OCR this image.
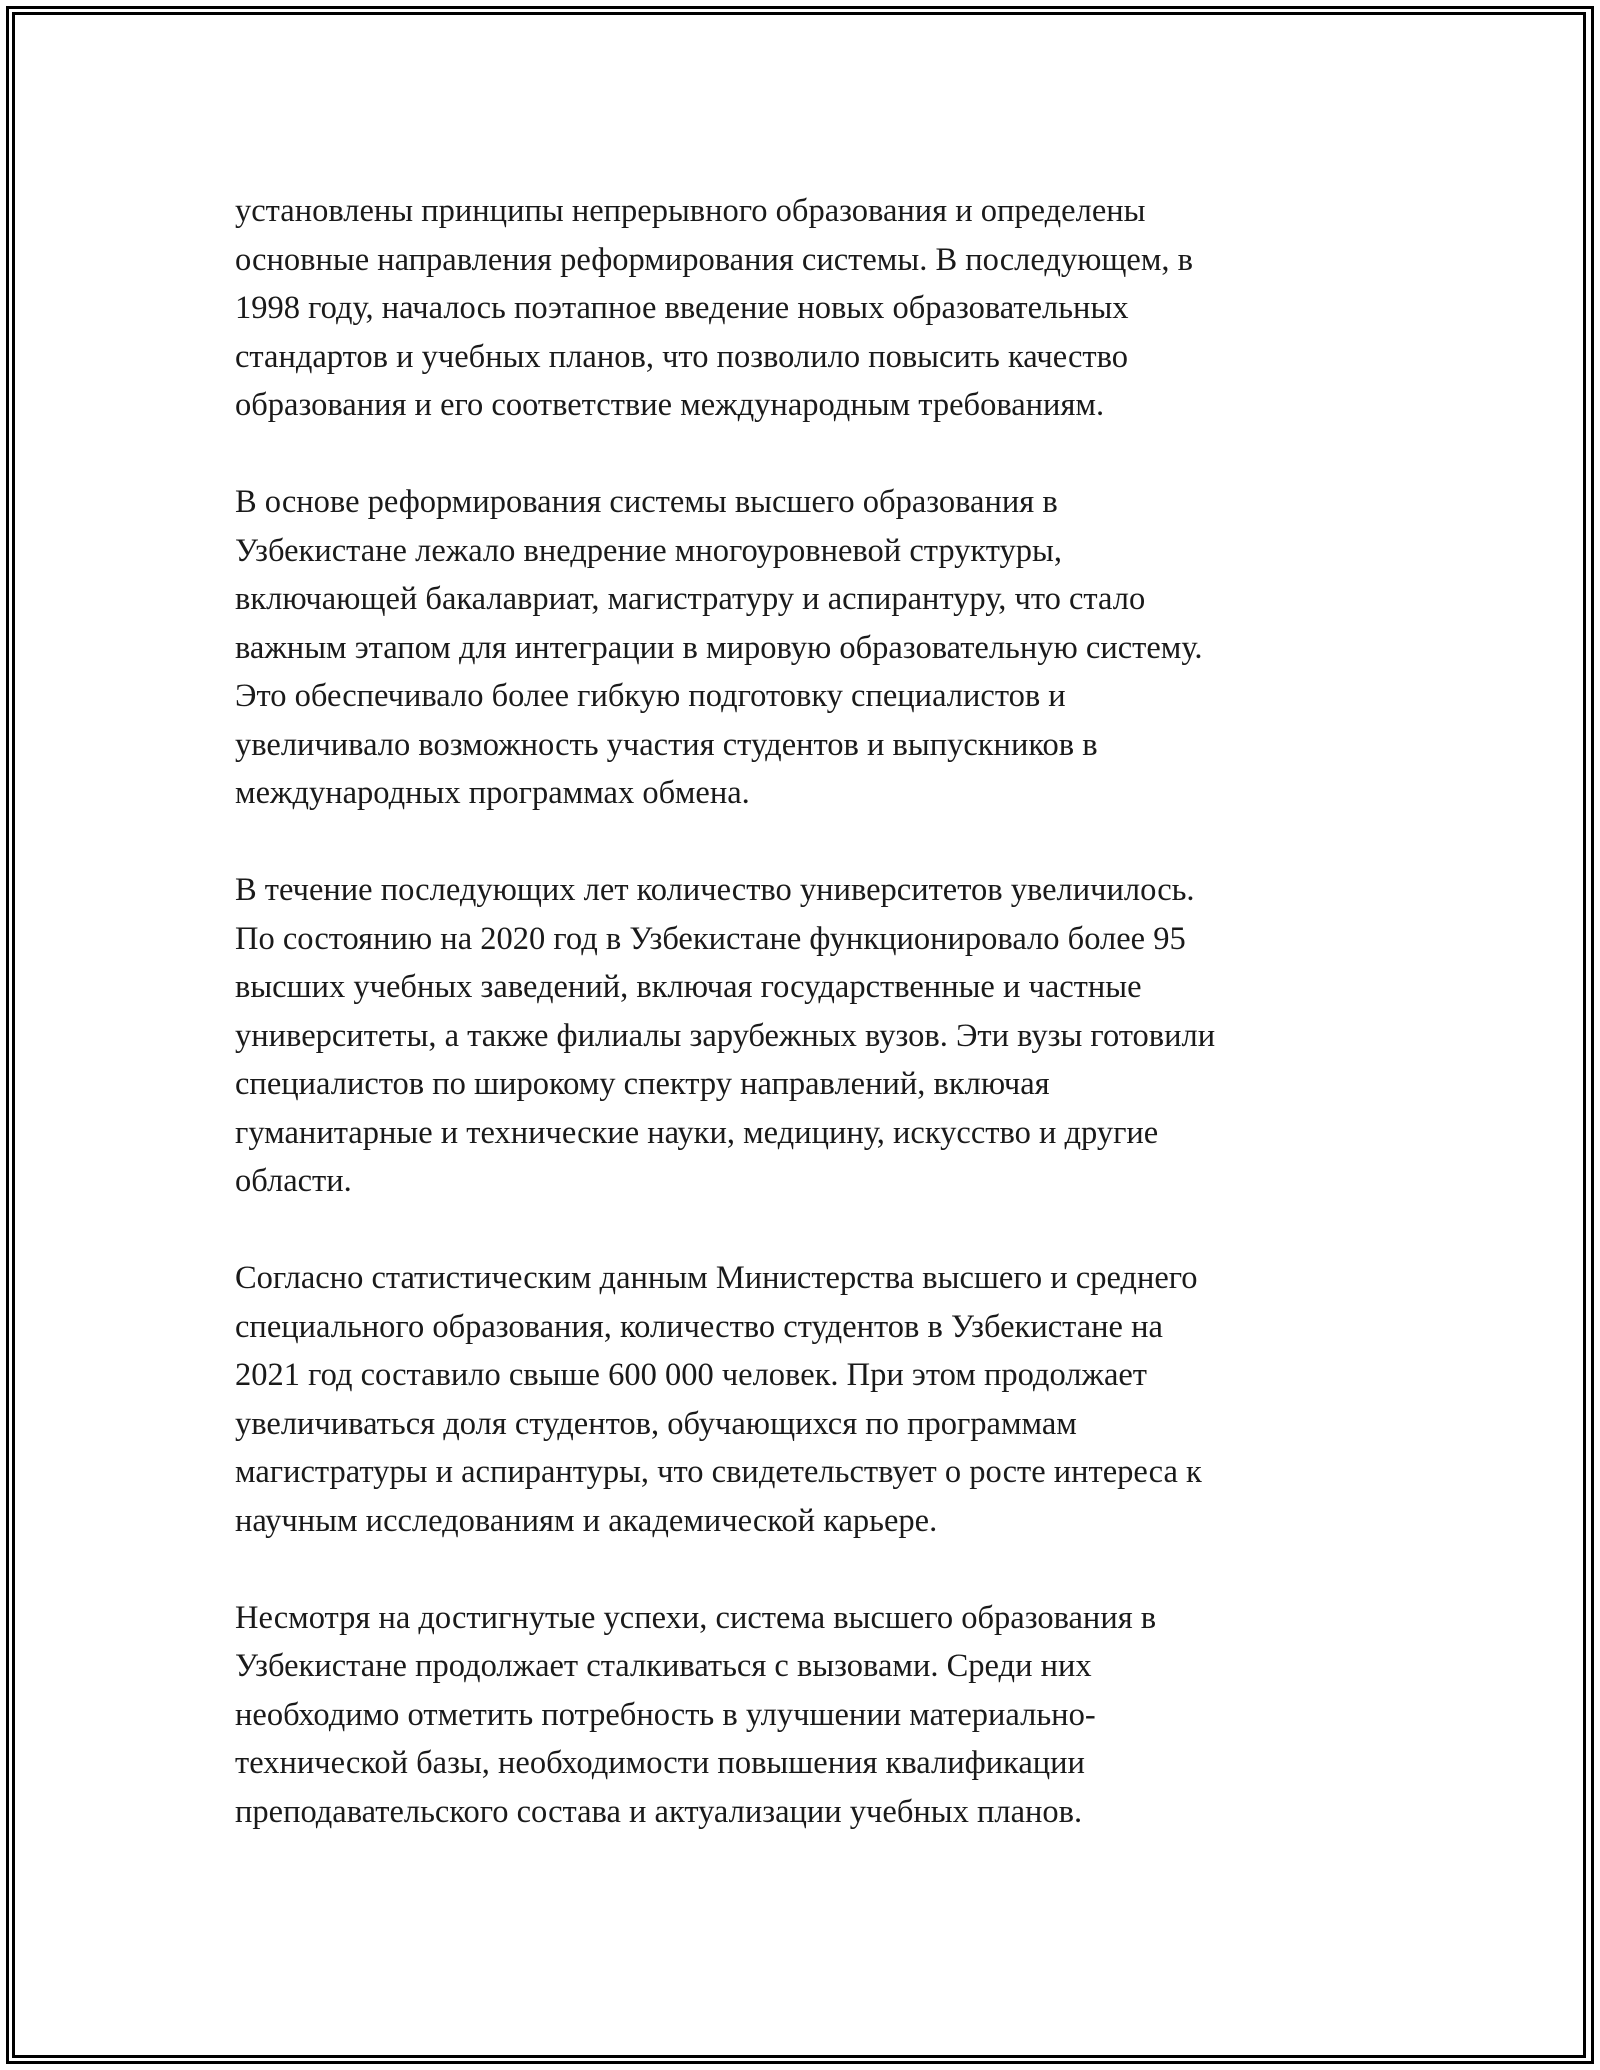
установлены принципы непрерывного образования и определены
основные направления реформирования системы. В последующем, в
1998 году, началось поэтапное введение новых образовательных
стандартов и учебных планов, что позволило повысить качество
образования и его соответствие международным требованиям.

В основе реформирования системы высшего образования в
Узбекистане лежало внедрение многоуровневой структуры,
включающей бакалавриат, магистратуру и аспирантуру, что стало
важным этапом для интеграции в мировую образовательную систему.
Это обеспечивало более гибкую подготовку специалистов и
увеличивало возможность участия студентов и выпускников в
международных программах обмена.

В течение последующих лет количество университетов увеличилось.
По состоянию на 2020 год в Узбекистане функционировало более 95
высших учебных заведений, включая государственные и частные
университеты, а также филиалы зарубежных вузов. Эти вузы готовили
специалистов по широкому спектру направлений, включая
гуманитарные и технические науки, медицину, искусство и другие
области.

Согласно статистическим данным Министерства высшего и среднего
специального образования, количество студентов в Узбекистане на
2021 год составило свыше 600 000 человек. При этом продолжает
увеличиваться доля студентов, обучающихся по программам
магистратуры и аспирантуры, что свидетельствует о росте интереса к
научным исследованиям и академической карьере.

Несмотря на достигнутые успехи, система высшего образования в
Узбекистане продолжает сталкиваться с вызовами. Среди них
необходимо отметить потребность в улучшении материально-
технической базы, необходимости повышения квалификации
преподавательского состава и актуализации учебных планов.
